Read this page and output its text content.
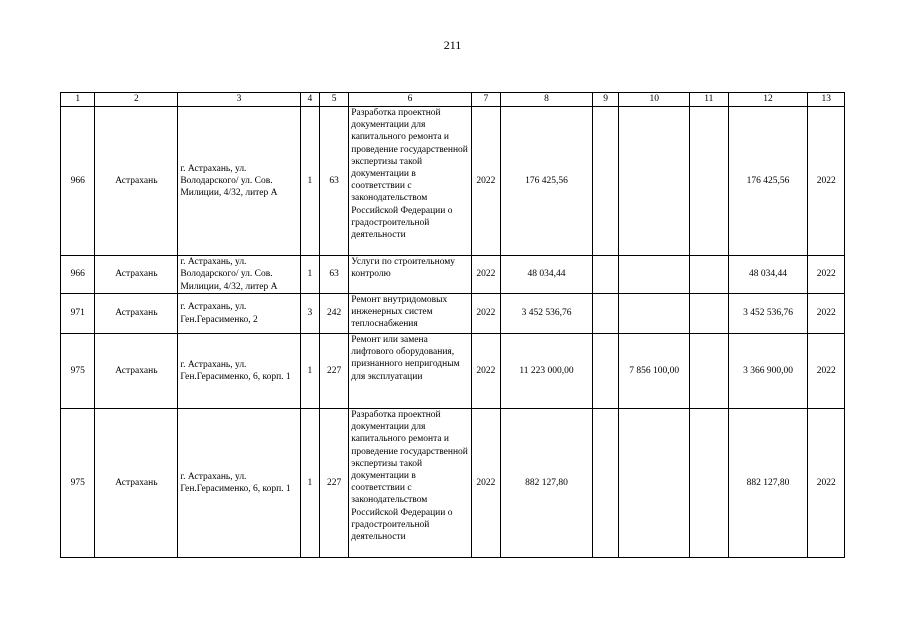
211
1	2	3	4	5	6	7	8	9	10	11	12	13
966	Астрахань	г. Астрахань, ул. Володарского/ ул. Сов. Милиции, 4/32, литер А	1	63	Разработка проектной документации для капитального ремонта и проведение государственной экспертизы такой документации в соответствии с законодательством Российской Федерации о градостроительной деятельности	2022	176 425,56				176 425,56	2022
966	Астрахань	г. Астрахань, ул. Володарского/ ул. Сов. Милиции, 4/32, литер А	1	63	Услуги по строительному контролю	2022	48 034,44				48 034,44	2022
971	Астрахань	г. Астрахань, ул. Ген.Герасименко, 2	3	242	Ремонт внутридомовых инженерных систем теплоснабжения	2022	3 452 536,76				3 452 536,76	2022
975	Астрахань	г. Астрахань, ул. Ген.Герасименко, 6, корп. 1	1	227	Ремонт или замена лифтового оборудования, признанного непригодным для эксплуатации	2022	11 223 000,00		7 856 100,00		3 366 900,00	2022
975	Астрахань	г. Астрахань, ул. Ген.Герасименко, 6, корп. 1	1	227	Разработка проектной документации для капитального ремонта и проведение государственной экспертизы такой документации в соответствии с законодательством Российской Федерации о градостроительной деятельности	2022	882 127,80				882 127,80	2022
